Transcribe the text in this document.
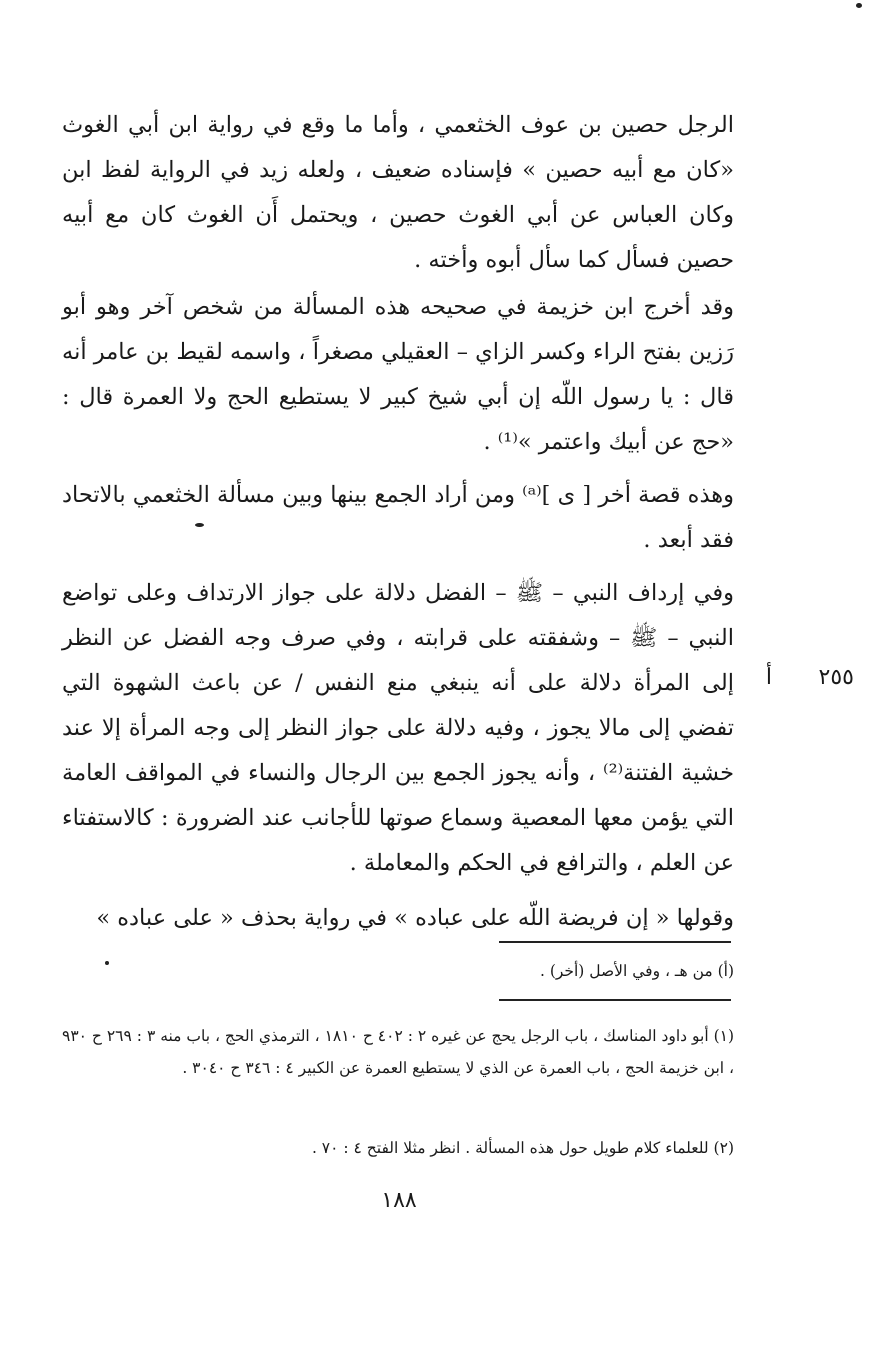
الرجل حصين بن عوف الخثعمي ، وأما ما وقع في رواية ابن أبي الغوث «كان مع أبيه حصين » فإسناده ضعيف ، ولعله زيد في الرواية لفظ ابن وكان العباس عن أبي الغوث حصين ، ويحتمل أَن الغوث كان مع أبيه حصين فسأل كما سأل أبوه وأخته .

وقد أخرج ابن خزيمة في صحيحه هذه المسألة من شخص آخر وهو أبو رَزين بفتح الراء وكسر الزاي – العقيلي مصغراً ، واسمه لقيط بن عامر أنه قال : يا رسول اللّه إن أبي شيخ كبير لا يستطيع الحج ولا العمرة قال : «حج عن أبيك واعتمر »⁽¹⁾ .

وهذه قصة أخر [ ى ]⁽ᵃ⁾ ومن أراد الجمع بينها وبين مسألة الخثعمي بالاتحاد فقد أبعد .

وفي إرداف النبي – ﷺ – الفضل دلالة على جواز الارتداف وعلى تواضع النبي – ﷺ – وشفقته على قرابته ، وفي صرف وجه الفضل عن النظر إلى المرأة دلالة على أنه ينبغي منع النفس / عن باعث الشهوة التي تفضي إلى مالا يجوز ، وفيه دلالة على جواز النظر إلى وجه المرأة إلا عند خشية الفتنة⁽²⁾ ، وأنه يجوز الجمع بين الرجال والنساء في المواقف العامة التي يؤمن معها المعصية وسماع صوتها للأجانب عند الضرورة : كالاستفتاء عن العلم ، والترافع في الحكم والمعاملة .

وقولها « إن فريضة اللّه على عباده » في رواية بحذف « على عباده »

٢٥٥
أ

(أ) من هـ ، وفي الأصل (أخر) .

(١) أبو داود المناسك ، باب الرجل يحج عن غيره ٢ : ٤٠٢ ح ١٨١٠ ، الترمذي الحج ، باب منه ٣ : ٢٦٩ ح ٩٣٠ ، ابن خزيمة الحج ، باب العمرة عن الذي لا يستطيع العمرة عن الكبير ٤ : ٣٤٦ ح ٣٠٤٠ .

(٢) للعلماء كلام طويل حول هذه المسألة . انظر مثلا الفتح ٤ : ٧٠ .

١٨٨
